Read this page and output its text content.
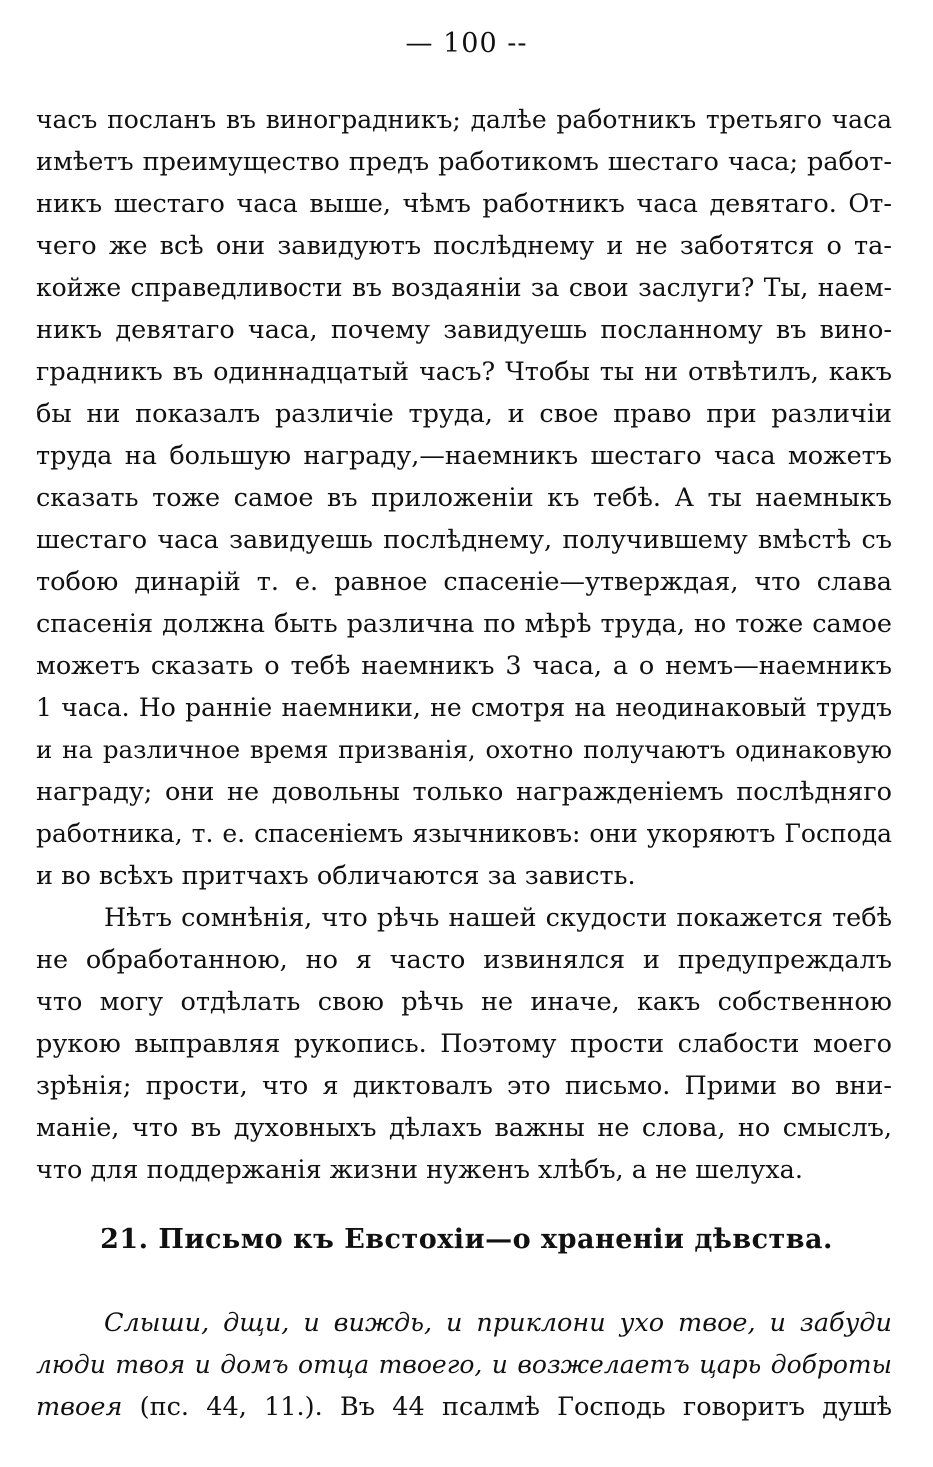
— 100 --
часъ посланъ въ виноградникъ; далѣе работникъ третьяго часа
имѣетъ преимущество предъ работикомъ шестаго часа; работ-
никъ шестаго часа выше, чѣмъ работникъ часа девятаго. От-
чего же всѣ они завидуютъ послѣднему и не заботятся о та-
койже справедливости въ воздаянiи за свои заслуги? Ты, наем-
никъ девятаго часа, почему завидуешь посланному въ вино-
градникъ въ одиннадцатый часъ? Чтобы ты ни отвѣтилъ, какъ
бы ни показалъ различiе труда, и свое право при различiи
труда на большую награду,—наемникъ шестаго часа можетъ
сказать тоже самое въ приложенiи къ тебѣ. А ты наемныкъ
шестаго часа завидуешь послѣднему, получившему вмѣстѣ съ
тобою динарiй т. е. равное спасенiе—утверждая, что слава
спасенiя должна быть различна по мѣрѣ труда, но тоже самое
можетъ сказать о тебѣ наемникъ 3 часа, а о немъ—наемникъ
1 часа. Но раннiе наемники, не смотря на неодинаковый трудъ
и на различное время призванiя, охотно получаютъ одинаковую
награду; они не довольны только награжденiемъ послѣдняго
работника, т. е. спасенiемъ язычниковъ: они укоряютъ Господа
и во всѣхъ притчахъ обличаются за зависть.
Нѣтъ сомнѣнiя, что рѣчь нашей скудости покажется тебѣ
не обработанною, но я часто извинялся и предупреждалъ
что могу отдѣлать свою рѣчь не иначе, какъ собственною
рукою выправляя рукопись. Поэтому прости слабости моего
зрѣнiя; прости, что я диктовалъ это письмо. Прими во вни-
манiе, что въ духовныхъ дѣлахъ важны не слова, но смыслъ,
что для поддержанiя жизни нуженъ хлѣбъ, а не шелуха.
21. Письмо къ Евстохiи—о храненiи дѣвства.
Слыши, дщи, и виждь, и приклони ухо твое, и забуди
люди твоя и домъ отца твоего, и возжелаетъ царь доброты
твоея (пс. 44, 11.). Въ 44 псалмѣ Господь говоритъ душѣ
